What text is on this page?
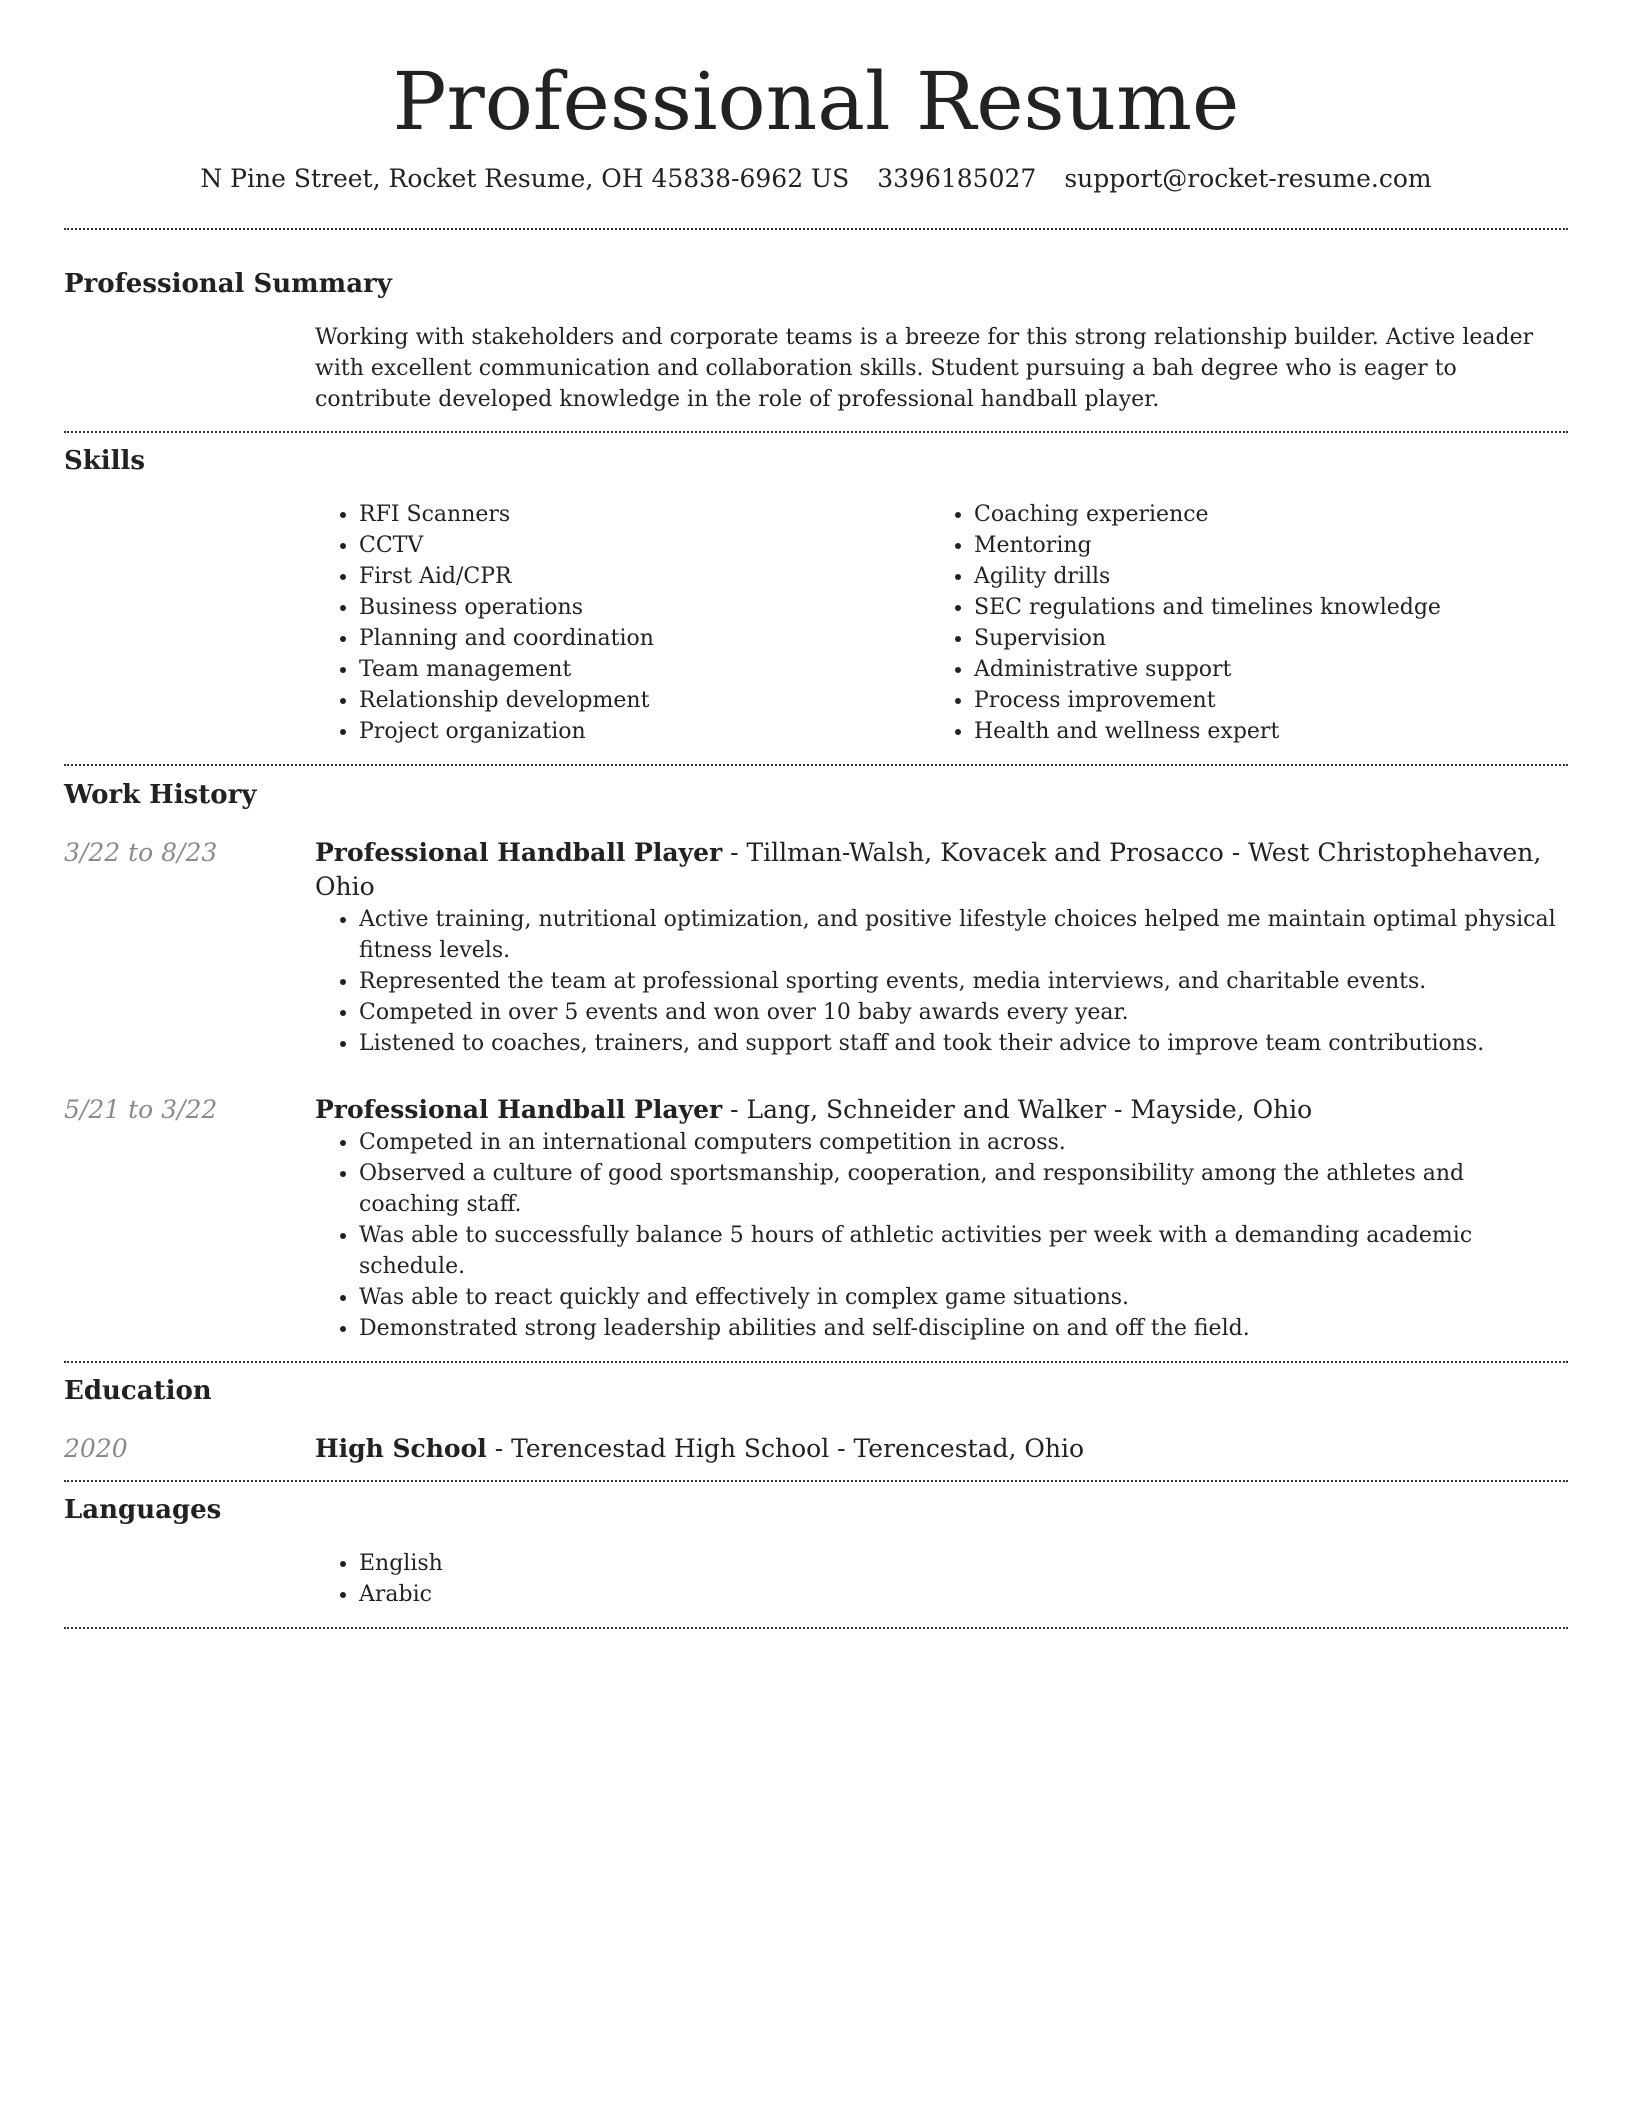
Professional Resume
N Pine Street, Rocket Resume, OH 45838-6962 US 3396185027 support@rocket-resume.com
Professional Summary

Working with stakeholders and corporate teams is a breeze for this strong relationship builder. Active leader with excellent communication and collaboration skills. Student pursuing a bah degree who is eager to contribute developed knowledge in the role of professional handball player.

Skills
• RFI Scanners
• CCTV
• First Aid/CPR
• Business operations
• Planning and coordination
• Team management
• Relationship development
• Project organization
• Coaching experience
• Mentoring
• Agility drills
• SEC regulations and timelines knowledge
• Supervision
• Administrative support
• Process improvement
• Health and wellness expert
Work History
3/22 to 8/23	Professional Handball Player - Tillman-Walsh, Kovacek and Prosacco - West Christophehaven, Ohio
• Active training, nutritional optimization, and positive lifestyle choices helped me maintain optimal physical fitness levels.
• Represented the team at professional sporting events, media interviews, and charitable events.
• Competed in over 5 events and won over 10 baby awards every year.
• Listened to coaches, trainers, and support staff and took their advice to improve team contributions.
5/21 to 3/22	Professional Handball Player - Lang, Schneider and Walker - Mayside, Ohio
• Competed in an international computers competition in across.
• Observed a culture of good sportsmanship, cooperation, and responsibility among the athletes and coaching staff.
• Was able to successfully balance 5 hours of athletic activities per week with a demanding academic schedule.
• Was able to react quickly and effectively in complex game situations.
• Demonstrated strong leadership abilities and self-discipline on and off the field.
Education
2020	High School - Terencestad High School - Terencestad, Ohio
Languages
• English
• Arabic
